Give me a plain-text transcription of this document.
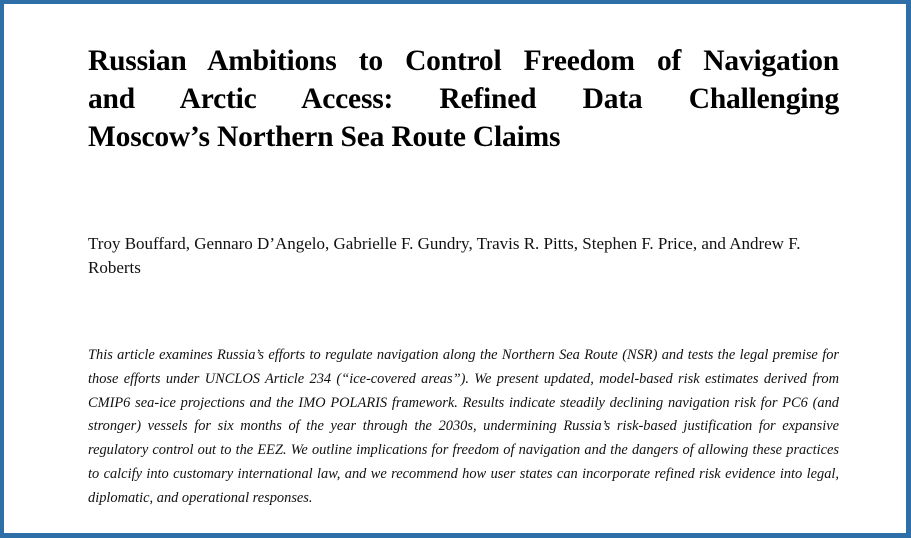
Russian Ambitions to Control Freedom of Navigation
and Arctic Access: Refined Data Challenging
Moscow’s Northern Sea Route Claims

Troy Bouffard, Gennaro D’Angelo, Gabrielle F. Gundry, Travis R. Pitts, Stephen F. Price, and Andrew F. Roberts

This article examines Russia’s efforts to regulate navigation along the Northern Sea Route (NSR) and tests the legal premise for those efforts under UNCLOS Article 234 (“ice-covered areas”). We present updated, model-based risk estimates derived from CMIP6 sea-ice projections and the IMO POLARIS framework. Results indicate steadily declining navigation risk for PC6 (and stronger) vessels for six months of the year through the 2030s, undermining Russia’s risk-based justification for expansive regulatory control out to the EEZ. We outline implications for freedom of navigation and the dangers of allowing these practices to calcify into customary international law, and we recommend how user states can incorporate refined risk evidence into legal, diplomatic, and operational responses.
